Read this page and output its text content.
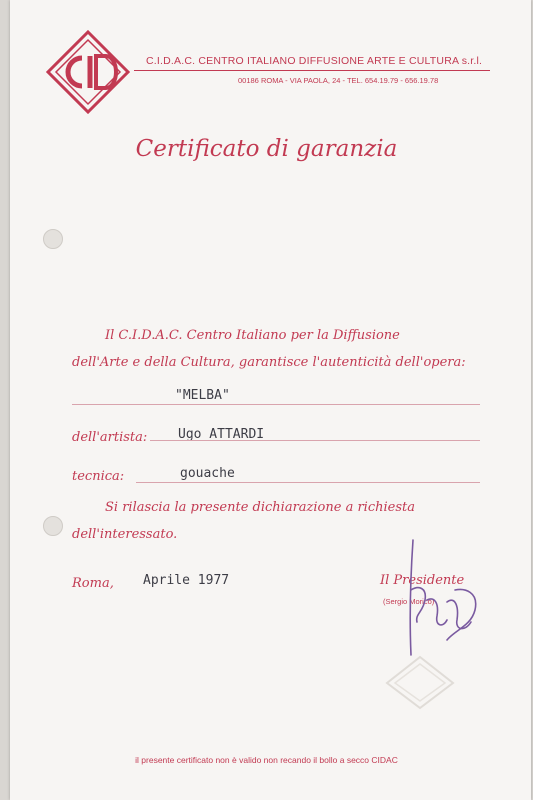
C.I.D.A.C. CENTRO ITALIANO DIFFUSIONE ARTE E CULTURA s.r.l.
00186 ROMA - VIA PAOLA, 24 - TEL. 654.19.79 - 656.19.78
Certificato di garanzia
Il C.I.D.A.C. Centro Italiano per la Diffusione
dell'Arte e della Cultura, garantisce l'autenticità dell'opera:
"MELBA"
dell'artista: Ugo ATTARDI
tecnica:	gouache
Si rilascia la presente dichiarazione a richiesta
dell'interessato.
Roma, Aprile 1977	Il Presidente
(Sergio Morico)
il presente certificato non è valido non recando il bollo a secco CIDAC
